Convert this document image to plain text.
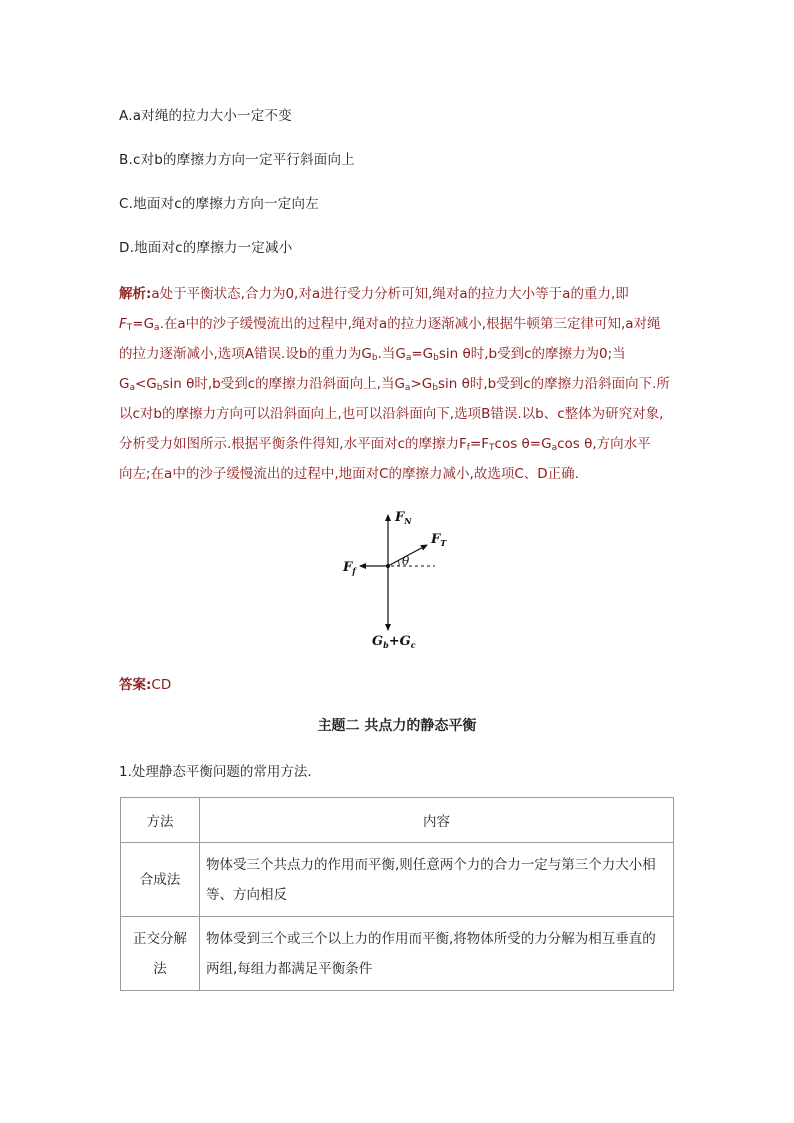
A.a对绳的拉力大小一定不变
B.c对b的摩擦力方向一定平行斜面向上
C.地面对c的摩擦力方向一定向左
D.地面对c的摩擦力一定减小
解析:a处于平衡状态,合力为0,对a进行受力分析可知,绳对a的拉力大小等于a的重力,即
$F_T=G_a$.在a中的沙子缓慢流出的过程中,绳对a的拉力逐渐减小,根据牛顿第三定律可知,a对绳
的拉力逐渐减小,选项A错误.设b的重力为$G_b$.当$G_a=G_b\sin$ θ时,b受到c的摩擦力为0;当
$G_a<G_b\sin$ θ时,b受到c的摩擦力沿斜面向上,当$G_a>G_b\sin$ θ时,b受到c的摩擦力沿斜面向下.所
以c对b的摩擦力方向可以沿斜面向上,也可以沿斜面向下,选项B错误.以b、c整体为研究对象,
分析受力如图所示.根据平衡条件得知,水平面对c的摩擦力$F_f=F_T\cos$ $\theta=G_a\cos$ θ,方向水平
向左;在a中的沙子缓慢流出的过程中,地面对C的摩擦力减小,故选项C、D正确.
$F_N$
$F_T$
$F_f$
θ
$G_b+G_c$
答案:CD
主题二 共点力的静态平衡
1.处理静态平衡问题的常用方法.
方法	内容
合成法	物体受三个共点力的作用而平衡,则任意两个力的合力一定与第三个力大小相等、方向相反
正交分解法	物体受到三个或三个以上力的作用而平衡,将物体所受的力分解为相互垂直的两组,每组力都满足平衡条件
